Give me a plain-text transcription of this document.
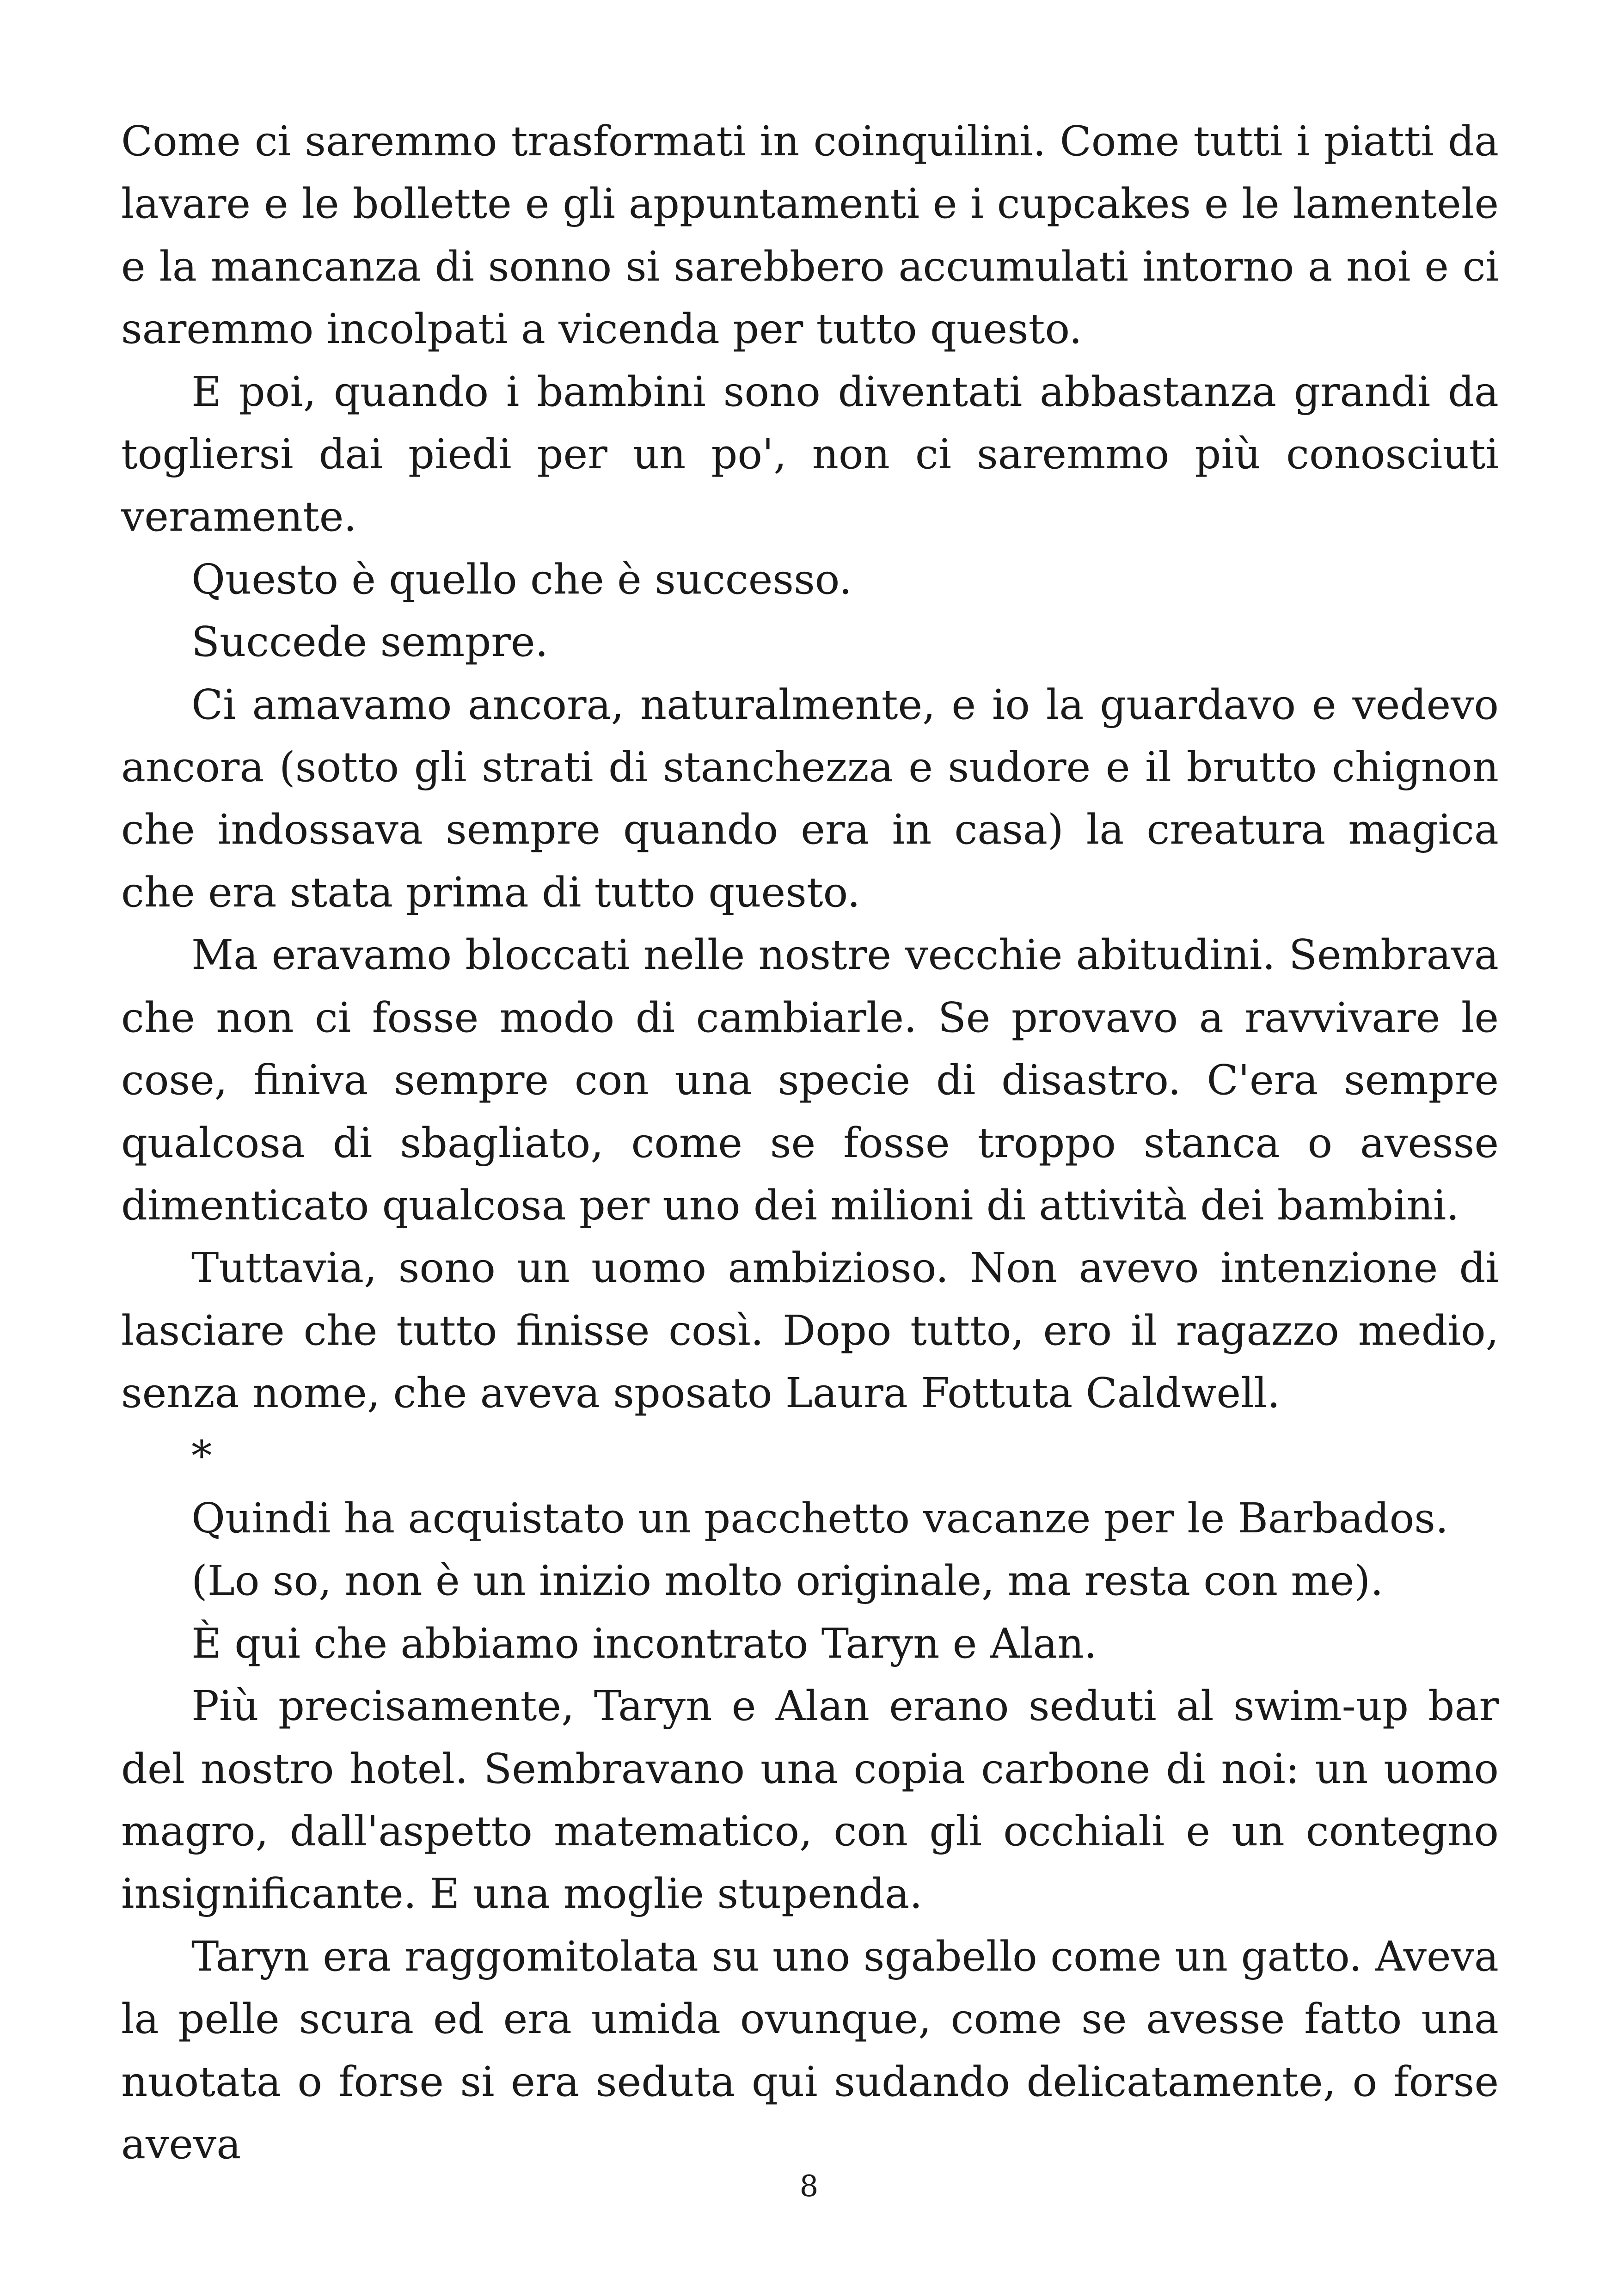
Come ci saremmo trasformati in coinquilini. Come tutti i piatti da lavare e le bollette e gli appuntamenti e i cupcakes e le lamentele e la mancanza di sonno si sarebbero accumulati intorno a noi e ci saremmo incolpati a vicenda per tutto questo.

E poi, quando i bambini sono diventati abbastanza grandi da togliersi dai piedi per un po', non ci saremmo più conosciuti veramente.

Questo è quello che è successo.

Succede sempre.

Ci amavamo ancora, naturalmente, e io la guardavo e vedevo ancora (sotto gli strati di stanchezza e sudore e il brutto chignon che indossava sempre quando era in casa) la creatura magica che era stata prima di tutto questo.

Ma eravamo bloccati nelle nostre vecchie abitudini. Sembrava che non ci fosse modo di cambiarle. Se provavo a ravvivare le cose, finiva sempre con una specie di disastro. C'era sempre qualcosa di sbagliato, come se fosse troppo stanca o avesse dimenticato qualcosa per uno dei milioni di attività dei bambini.

Tuttavia, sono un uomo ambizioso. Non avevo intenzione di lasciare che tutto finisse così. Dopo tutto, ero il ragazzo medio, senza nome, che aveva sposato Laura Fottuta Caldwell.

*

Quindi ha acquistato un pacchetto vacanze per le Barbados.

(Lo so, non è un inizio molto originale, ma resta con me).

È qui che abbiamo incontrato Taryn e Alan.

Più precisamente, Taryn e Alan erano seduti al swim-up bar del nostro hotel. Sembravano una copia carbone di noi: un uomo magro, dall'aspetto matematico, con gli occhiali e un contegno insignificante. E una moglie stupenda.

Taryn era raggomitolata su uno sgabello come un gatto. Aveva la pelle scura ed era umida ovunque, come se avesse fatto una nuotata o forse si era seduta qui sudando delicatamente, o forse aveva

8
